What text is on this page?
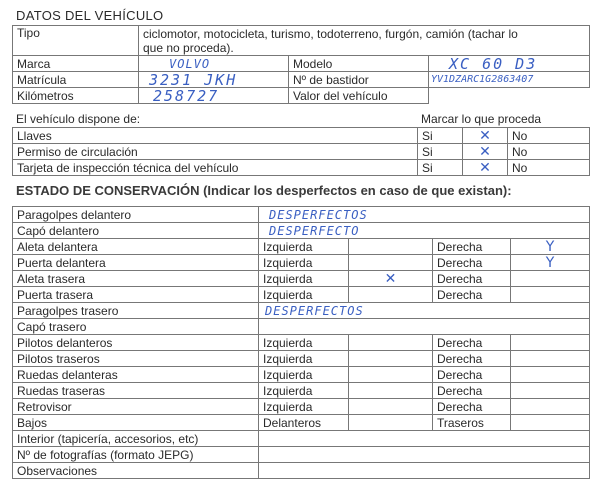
DATOS DEL VEHÍCULO
Tipo	ciclomotor, motocicleta, turismo, todoterreno, furgón, camión (tachar lo
que no proceda).		

Marca	VOLVO	Modelo	XC 60 D3
Matrícula	3231 JKH	Nº de bastidor	YV1DZARC1G2863407
Kilómetros	258727	Valor del vehículo	
El vehículo dispone de:	Marcar lo que proceda
Llaves	Si	✕	No
Permiso de circulación	Si	✕	No
Tarjeta de inspección técnica del vehículo	Si	✕	No
ESTADO DE CONSERVACIÓN (Indicar los desperfectos en caso de que existan):
Paragolpes delantero	DESPERFECTOS			
Capó delantero	DESPERFECTO			
Aleta delantera	Izquierda		Derecha	Y
Puerta delantera	Izquierda		Derecha	Y
Aleta trasera	Izquierda	✕	Derecha	
Puerta trasera	Izquierda		Derecha	
Paragolpes trasero	DESPERFECTOS			
Capó trasero				
Pilotos delanteros	Izquierda		Derecha	
Pilotos traseros	Izquierda		Derecha	
Ruedas delanteras	Izquierda		Derecha	
Ruedas traseras	Izquierda		Derecha	
Retrovisor	Izquierda		Derecha	
Bajos	Delanteros		Traseros	
Interior (tapicería, accesorios, etc)				
Nº de fotografías (formato JEPG)				
Observaciones				
